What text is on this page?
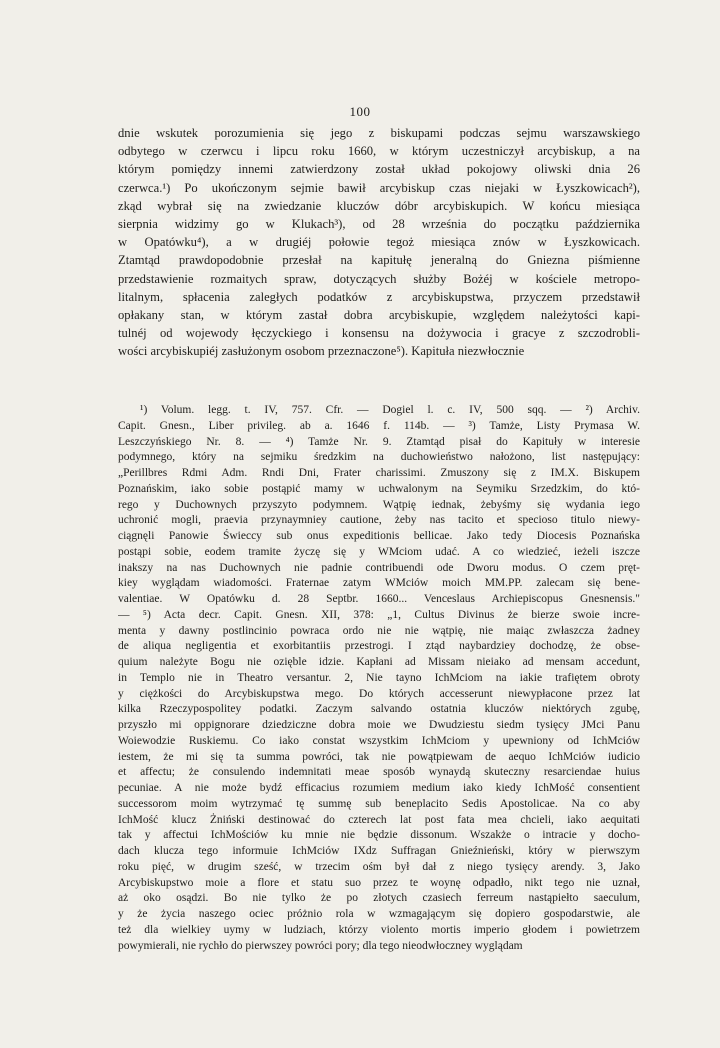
100
dnie wskutek porozumienia się jego z biskupami podczas sejmu warszawskiego
odbytego w czerwcu i lipcu roku 1660, w którym uczestniczył arcybiskup, a na
którym pomiędzy innemi zatwierdzony został układ pokojowy oliwski dnia 26
czerwca.¹) Po ukończonym sejmie bawił arcybiskup czas niejaki w Łyszkowicach²),
zkąd wybrał się na zwiedzanie kluczów dóbr arcybiskupich. W końcu miesiąca
sierpnia widzimy go w Klukach³), od 28 września do początku października
w Opatówku⁴), a w drugiéj połowie tegoż miesiąca znów w Łyszkowicach.
Ztamtąd prawdopodobnie przesłał na kapitułę jeneralną do Gniezna piśmienne
przedstawienie rozmaitych spraw, dotyczących służby Bożéj w kościele metropo-
litalnym, spłacenia zaległych podatków z arcybiskupstwa, przyczem przedstawił
opłakany stan, w którym zastał dobra arcybiskupie, względem należytości kapi-
tulnéj od wojewody łęczyckiego i konsensu na dożywocia i gracye z szczodrobli-
wości arcybiskupiéj zasłużonym osobom przeznaczone⁵). Kapituła niezwłocznie
¹) Volum. legg. t. IV, 757. Cfr. — Dogiel l. c. IV, 500 sqq. — ²) Archiv.
Capit. Gnesn., Liber privileg. ab a. 1646 f. 114b. — ³) Tamże, Listy Prymasa W.
Leszczyńskiego Nr. 8. — ⁴) Tamże Nr. 9. Ztamtąd pisał do Kapituły w interesie
podymnego, który na sejmiku średzkim na duchowieństwo nałożono, list następujący:
„Perillbres Rdmi Adm. Rndi Dni, Frater charissimi. Zmuszony się z IM.X. Biskupem
Poznańskim, iako sobie postąpić mamy w uchwalonym na Seymiku Srzedzkim, do któ-
rego y Duchownych przyszyto podymnem. Wątpię iednak, żebyśmy się wydania iego
uchronić mogli, praevia przynaymniey cautione, żeby nas tacito et specioso titulo niewy-
ciągnęli Panowie Świeccy sub onus expeditionis bellicae. Jako tedy Diocesis Poznańska
postąpi sobie, eodem tramite życzę się y WMciom udać. A co wiedzieć, ieżeli iszcze
inakszy na nas Duchownych nie padnie contribuendi ode Dworu modus. O czem pręt-
kiey wyglądam wiadomości. Fraternae zatym WMciów moich MM.PP. zalecam się bene-
valentiae. W Opatówku d. 28 Septbr. 1660... Venceslaus Archiepiscopus Gnesnensis."
— ⁵) Acta decr. Capit. Gnesn. XII, 378: „1, Cultus Divinus że bierze swoie incre-
menta y dawny postlincinio powraca ordo nie nie wątpię, nie maiąc zwłaszcza żadney
de aliqua negligentia et exorbitantiis przestrogi. I ztąd naybardziey dochodzę, że obse-
quium należyte Bogu nie ozięble idzie. Kapłani ad Missam nieiako ad mensam accedunt,
in Templo nie in Theatro versantur. 2, Nie tayno IchMciom na iakie trafiętem obroty
y ciężkości do Arcybiskupstwa mego. Do których accesserunt niewypłacone przez lat
kilka Rzeczypospolitey podatki. Zaczym salvando ostatnia kluczów niektórych zgubę,
przyszło mi oppignorare dziedziczne dobra moie we Dwudziestu siedm tysięcy JMci Panu
Woiewodzie Ruskiemu. Co iako constat wszystkim IchMciom y upewniony od IchMciów
iestem, że mi się ta summa powróci, tak nie powątpiewam de aequo IchMciów iudicio
et affectu; że consulendo indemnitati meae sposób wynaydą skuteczny resarciendae huius
pecuniae. A nie może bydź efficacius rozumiem medium iako kiedy IchMość consentient
successorom moim wytrzymać tę summę sub beneplacito Sedis Apostolicae. Na co aby
IchMość klucz Żniński destinować do czterech lat post fata mea chcieli, iako aequitati
tak y affectui IchMościów ku mnie nie będzie dissonum. Wszakże o intracie y docho-
dach klucza tego informuie IchMciów IXdz Suffragan Gnieźnieński, który w pierwszym
roku pięć, w drugim sześć, w trzecim ośm był dał z niego tysięcy arendy. 3, Jako
Arcybiskupstwo moie a flore et statu suo przez te woynę odpadło, nikt tego nie uznał,
aż oko osądzi. Bo nie tylko że po złotych czasiech ferreum nastąpiełto saeculum,
y że życia naszego ociec próżnio rola w wzmagającym się dopiero gospodarstwie, ale
też dla wielkiey uymy w ludziach, którzy violento mortis imperio głodem i powietrzem
powymierali, nie rychło do pierwszey powróci pory; dla tego nieodwłoczney wyglądam
